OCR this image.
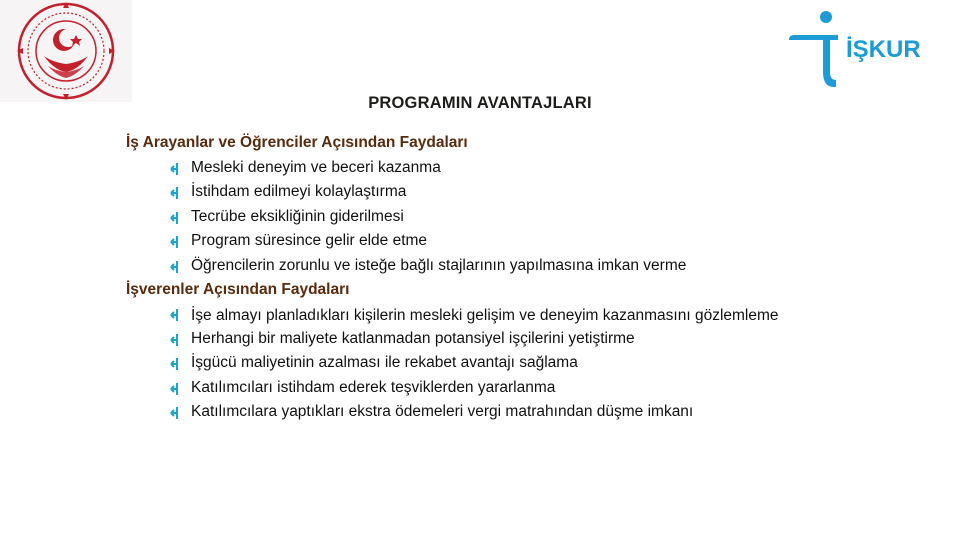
İŞKUR
PROGRAMIN AVANTAJLARI
İş Arayanlar ve Öğrenciler Açısından Faydaları
Mesleki deneyim ve beceri kazanma
İstihdam edilmeyi kolaylaştırma
Tecrübe eksikliğinin giderilmesi
Program süresince gelir elde etme
Öğrencilerin zorunlu ve isteğe bağlı stajlarının yapılmasına imkan verme
İşverenler Açısından Faydaları
İşe almayı planladıkları kişilerin mesleki gelişim ve deneyim kazanmasını gözlemleme
Herhangi bir maliyete katlanmadan potansiyel işçilerini yetiştirme
İşgücü maliyetinin azalması ile rekabet avantajı sağlama
Katılımcıları istihdam ederek teşviklerden yararlanma
Katılımcılara yaptıkları ekstra ödemeleri vergi matrahından düşme imkanı
